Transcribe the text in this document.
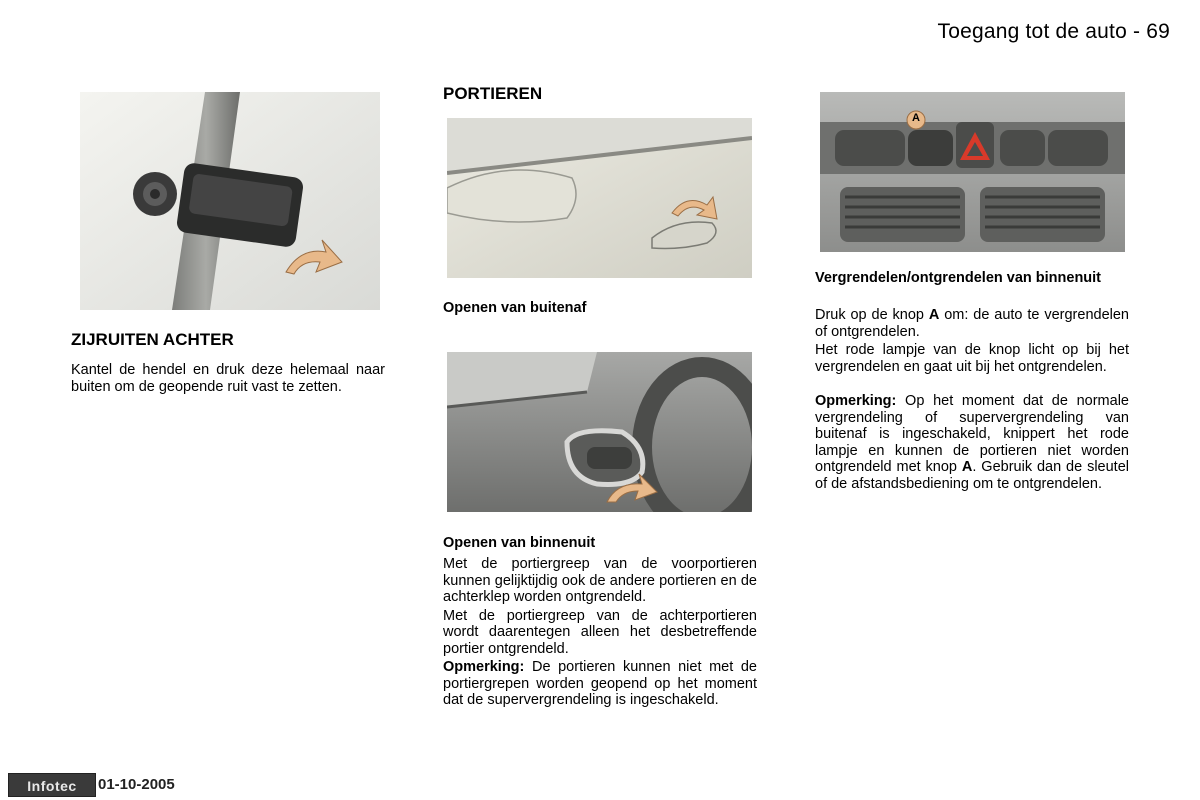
Toegang tot de auto - 69
ZIJRUITEN ACHTER
Kantel de hendel en druk deze helemaal naar buiten om de geopende ruit vast te zetten.
PORTIEREN
Openen van buitenaf
Openen van binnenuit

Met de portiergreep van de voorportieren kunnen gelijktijdig ook de andere portieren en de achterklep worden ontgrendeld.

Met de portiergreep van de achterportieren wordt daarentegen alleen het desbetreffende portier ontgrendeld.

Opmerking: De portieren kunnen niet met de portiergrepen worden geopend op het moment dat de supervergrendeling is ingeschakeld.

A
Vergrendelen/ontgrendelen van binnenuit

Druk op de knop A om: de auto te vergrendelen of ontgrendelen.

Het rode lampje van de knop licht op bij het vergrendelen en gaat uit bij het ontgrendelen.

Opmerking: Op het moment dat de normale vergrendeling of supervergrendeling van buitenaf is ingeschakeld, knippert het rode lampje en kunnen de portieren niet worden ontgrendeld met knop A. Gebruik dan de sleutel of de afstandsbediening om te ontgrendelen.

Infotec	01-10-2005
